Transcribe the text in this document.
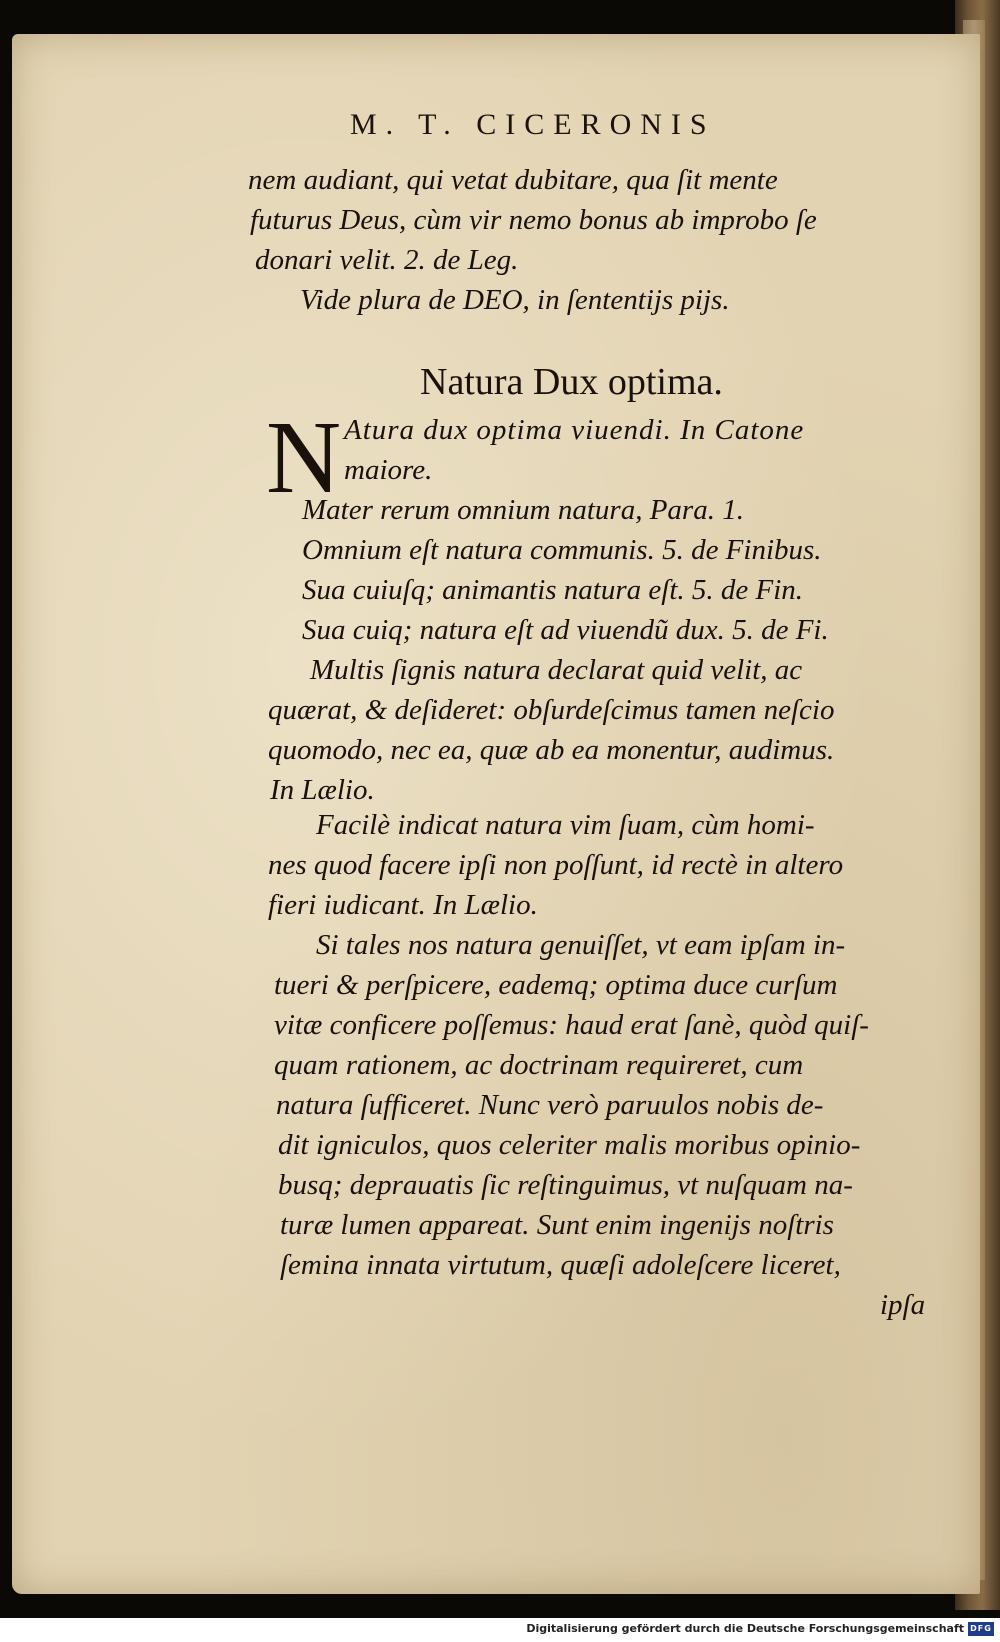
M. T. CICERONIS
nem audiant, qui vetat dubitare, qua ſit mente
futurus Deus, cùm vir nemo bonus ab improbo ſe
donari velit. 2. de Leg.
Vide plura de DEO, in ſententijs pijs.
Natura Dux optima.
N Atura dux optima viuendi. In Catone
maiore.
Mater rerum omnium natura, Para. 1.
Omnium eſt natura communis. 5. de Finibus.
Sua cuiuſq; animantis natura eſt. 5. de Fin.
Sua cuiq; natura eſt ad viuendũ dux. 5. de Fi.
Multis ſignis natura declarat quid velit, ac
quærat, & deſideret: obſurdeſcimus tamen neſcio
quomodo, nec ea, quæ ab ea monentur, audimus.
In Lælio.
Facilè indicat natura vim ſuam, cùm homi-
nes quod facere ipſi non poſſunt, id rectè in altero
fieri iudicant. In Lælio.
Si tales nos natura genuiſſet, vt eam ipſam in-
tueri & perſpicere, eademq; optima duce curſum
vitæ conficere poſſemus: haud erat ſanè, quòd quiſ-
quam rationem, ac doctrinam requireret, cum
natura ſufficeret. Nunc verò paruulos nobis de-
dit igniculos, quos celeriter malis moribus opinio-
busq; deprauatis ſic reſtinguimus, vt nuſquam na-
turæ lumen appareat. Sunt enim ingenijs noſtris
ſemina innata virtutum, quæſi adoleſcere liceret,
ipſa
Digitalisierung gefördert durch die Deutsche Forschungsgemeinschaft DFG
